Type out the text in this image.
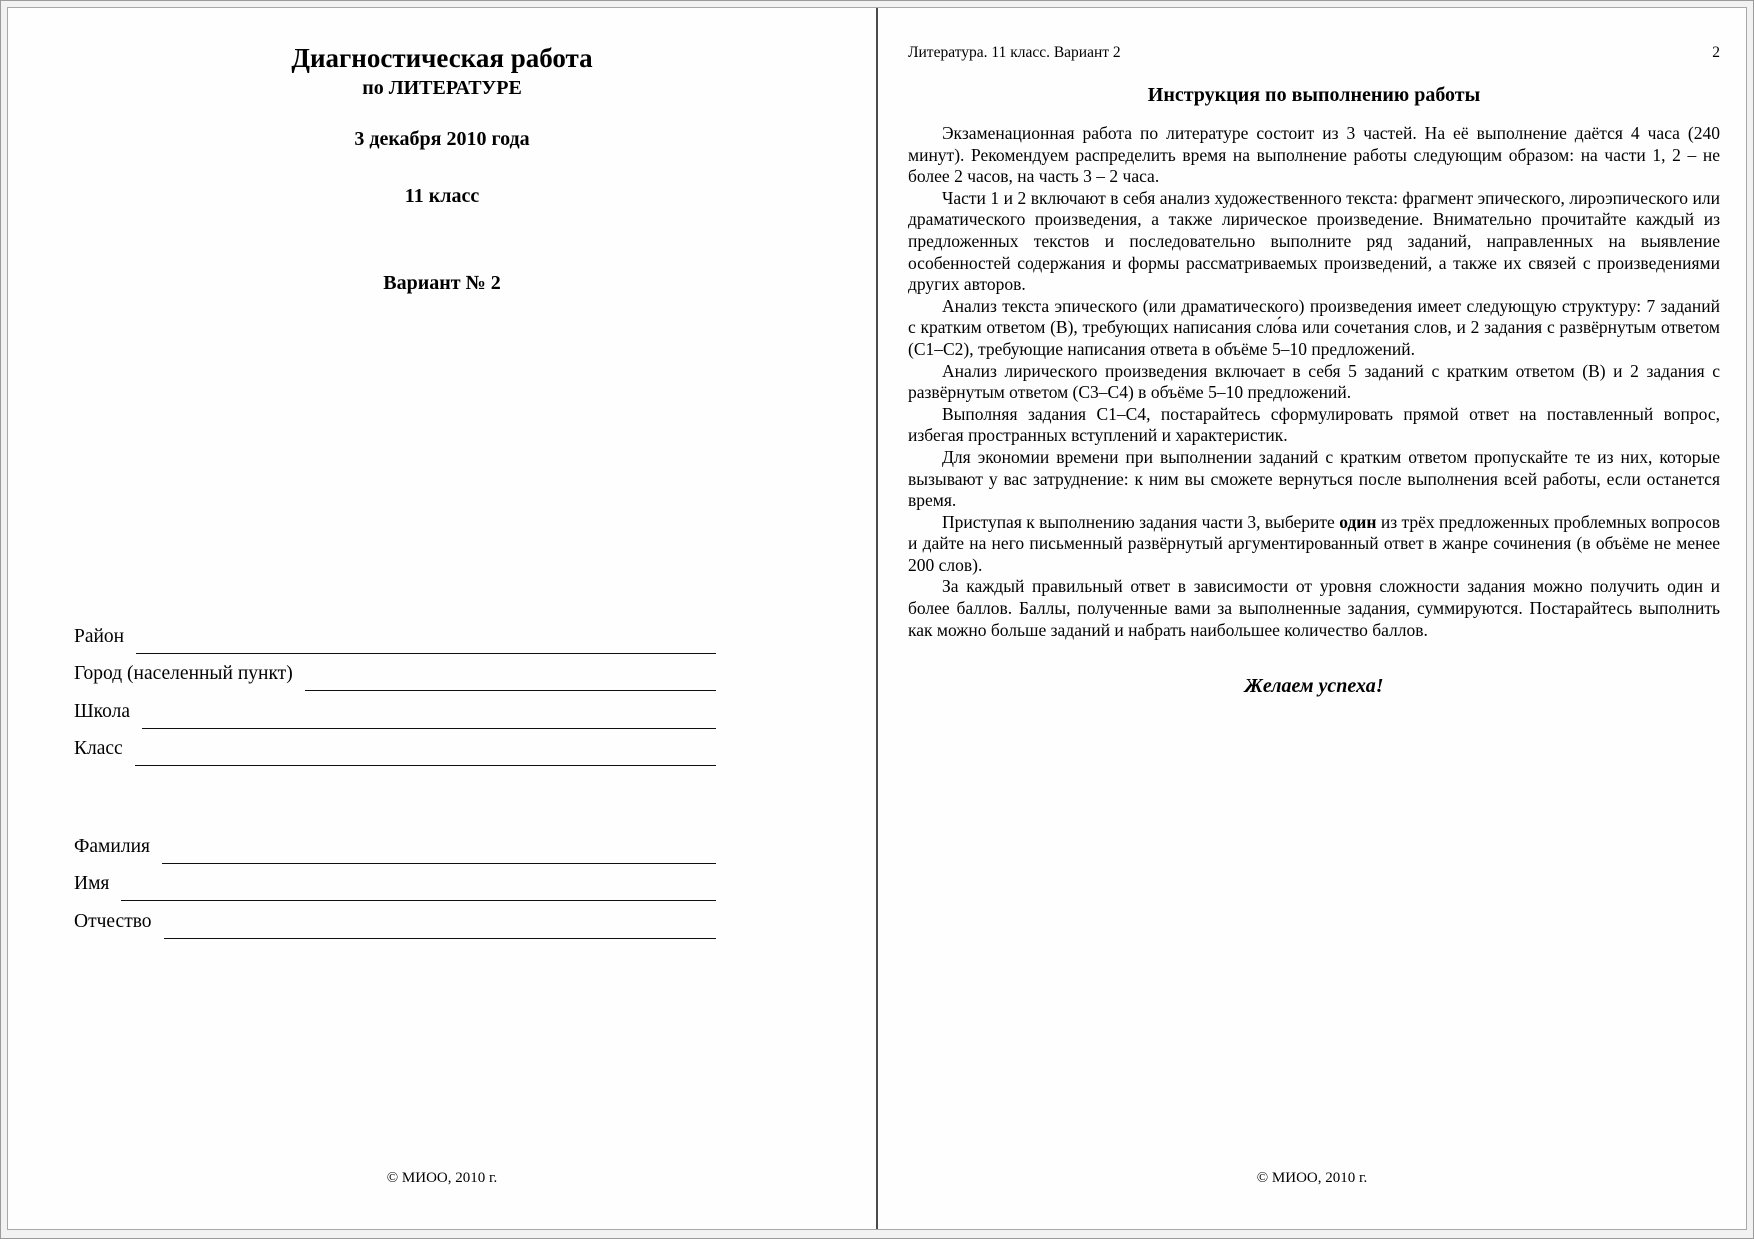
Диагностическая работа
по ЛИТЕРАТУРЕ
3 декабря 2010 года
11 класс
Вариант № 2
Район
Город (населенный пункт)
Школа
Класс
Фамилия
Имя
Отчество
© МИОО, 2010 г.
Литература. 11 класс. Вариант 2	2
Инструкция по выполнению работы

Экзаменационная работа по литературе состоит из 3 частей. На её выполнение даётся 4 часа (240 минут). Рекомендуем распределить время на выполнение работы следующим образом: на части 1, 2 – не более 2 часов, на часть 3 – 2 часа.

Части 1 и 2 включают в себя анализ художественного текста: фрагмент эпического, лироэпического или драматического произведения, а также лирическое произведение. Внимательно прочитайте каждый из предложенных текстов и последовательно выполните ряд заданий, направленных на выявление особенностей содержания и формы рассматриваемых произведений, а также их связей с произведениями других авторов.

Анализ текста эпического (или драматического) произведения имеет следующую структуру: 7 заданий с кратким ответом (В), требующих написания сло́ва или сочетания слов, и 2 задания с развёрнутым ответом (С1–С2), требующие написания ответа в объёме 5–10 предложений.

Анализ лирического произведения включает в себя 5 заданий с кратким ответом (В) и 2 задания с развёрнутым ответом (С3–С4) в объёме 5–10 предложений.

Выполняя задания С1–С4, постарайтесь сформулировать прямой ответ на поставленный вопрос, избегая пространных вступлений и характеристик.

Для экономии времени при выполнении заданий с кратким ответом пропускайте те из них, которые вызывают у вас затруднение: к ним вы сможете вернуться после выполнения всей работы, если останется время.

Приступая к выполнению задания части 3, выберите один из трёх предложенных проблемных вопросов и дайте на него письменный развёрнутый аргументированный ответ в жанре сочинения (в объёме не менее 200 слов).

За каждый правильный ответ в зависимости от уровня сложности задания можно получить один и более баллов. Баллы, полученные вами за выполненные задания, суммируются. Постарайтесь выполнить как можно больше заданий и набрать наибольшее количество баллов.

Желаем успеха!
© МИОО, 2010 г.
